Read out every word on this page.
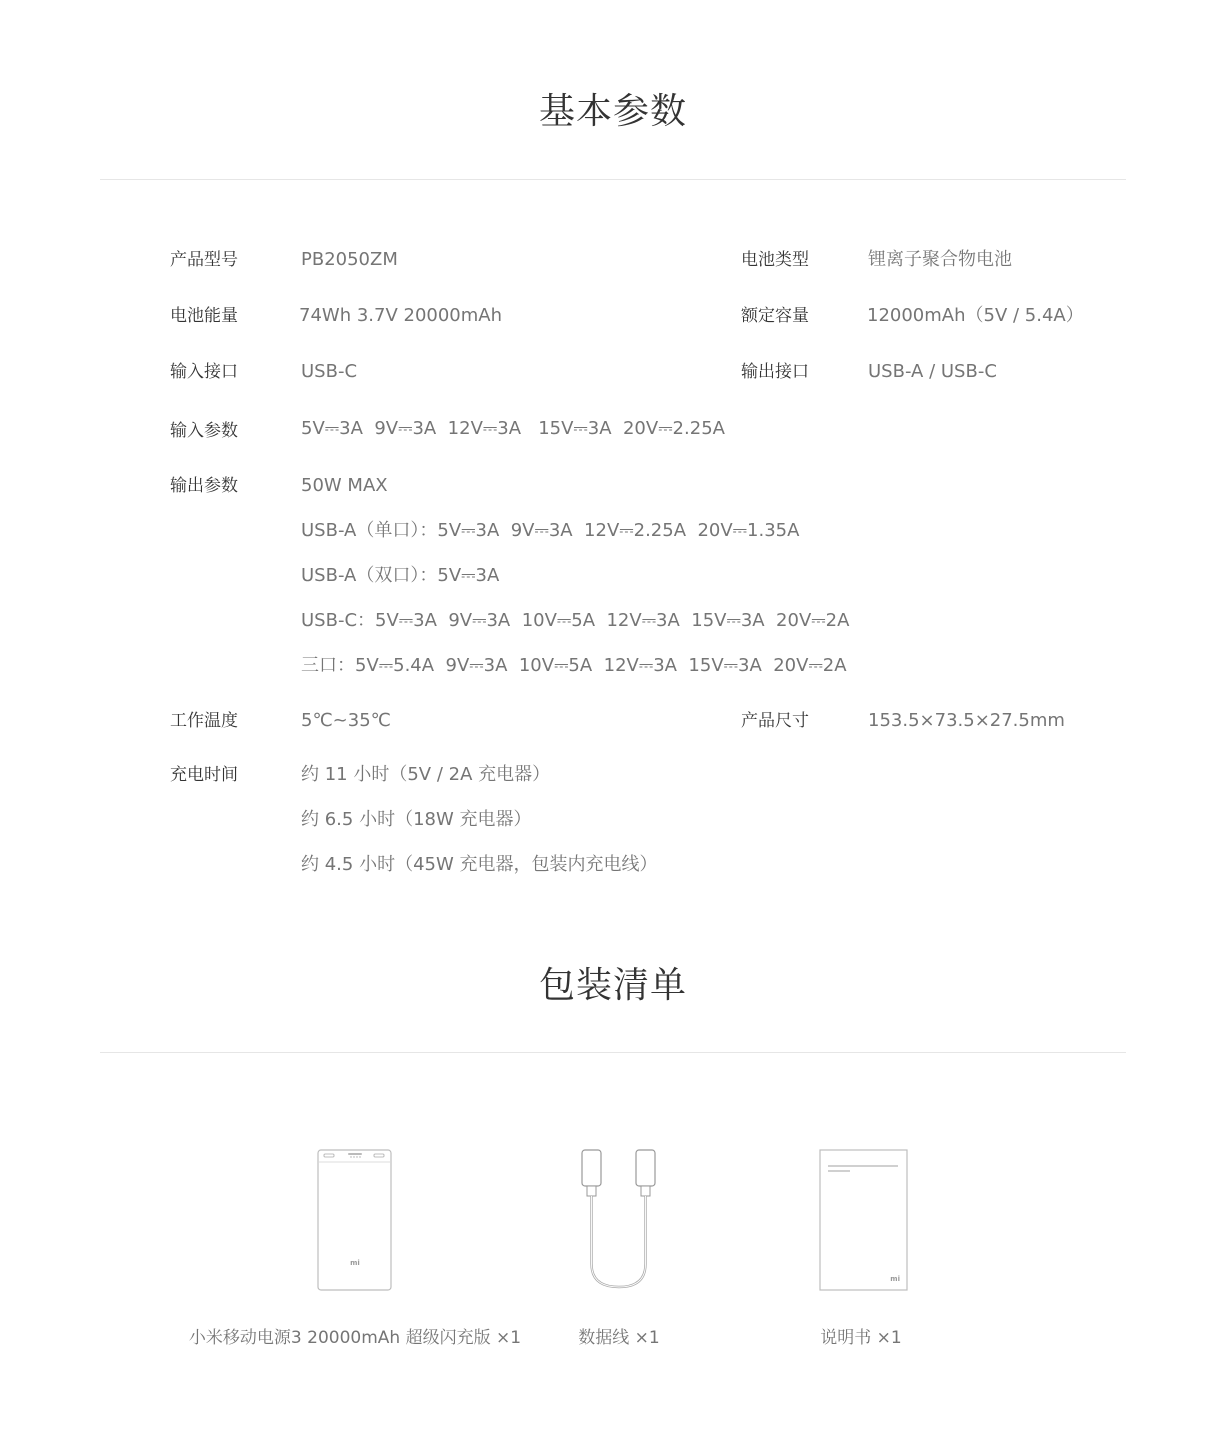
基本参数
产品型号	PB2050ZM	电池类型	锂离子聚合物电池
电池能量	74Wh 3.7V 20000mAh	额定容量	12000mAh（5V / 5.4A）
输入接口	USB-C	输出接口	USB-A / USB-C
输入参数	5V⎓3A  9V⎓3A  12V⎓3A   15V⎓3A  20V⎓2.25A
输出参数	50W MAX
USB-A（单口）：5V⎓3A  9V⎓3A  12V⎓2.25A  20V⎓1.35A
USB-A（双口）：5V⎓3A
USB-C：5V⎓3A  9V⎓3A  10V⎓5A  12V⎓3A  15V⎓3A  20V⎓2A
三口：5V⎓5.4A  9V⎓3A  10V⎓5A  12V⎓3A  15V⎓3A  20V⎓2A
工作温度	5℃~35℃	产品尺寸	153.5×73.5×27.5mm
充电时间	约 11 小时（5V / 2A 充电器）
约 6.5 小时（18W 充电器）
约 4.5 小时（45W 充电器，包装内充电线）
包装清单
mi
mi
小米移动电源3 20000mAh 超级闪充版 ×1	数据线 ×1	说明书 ×1
